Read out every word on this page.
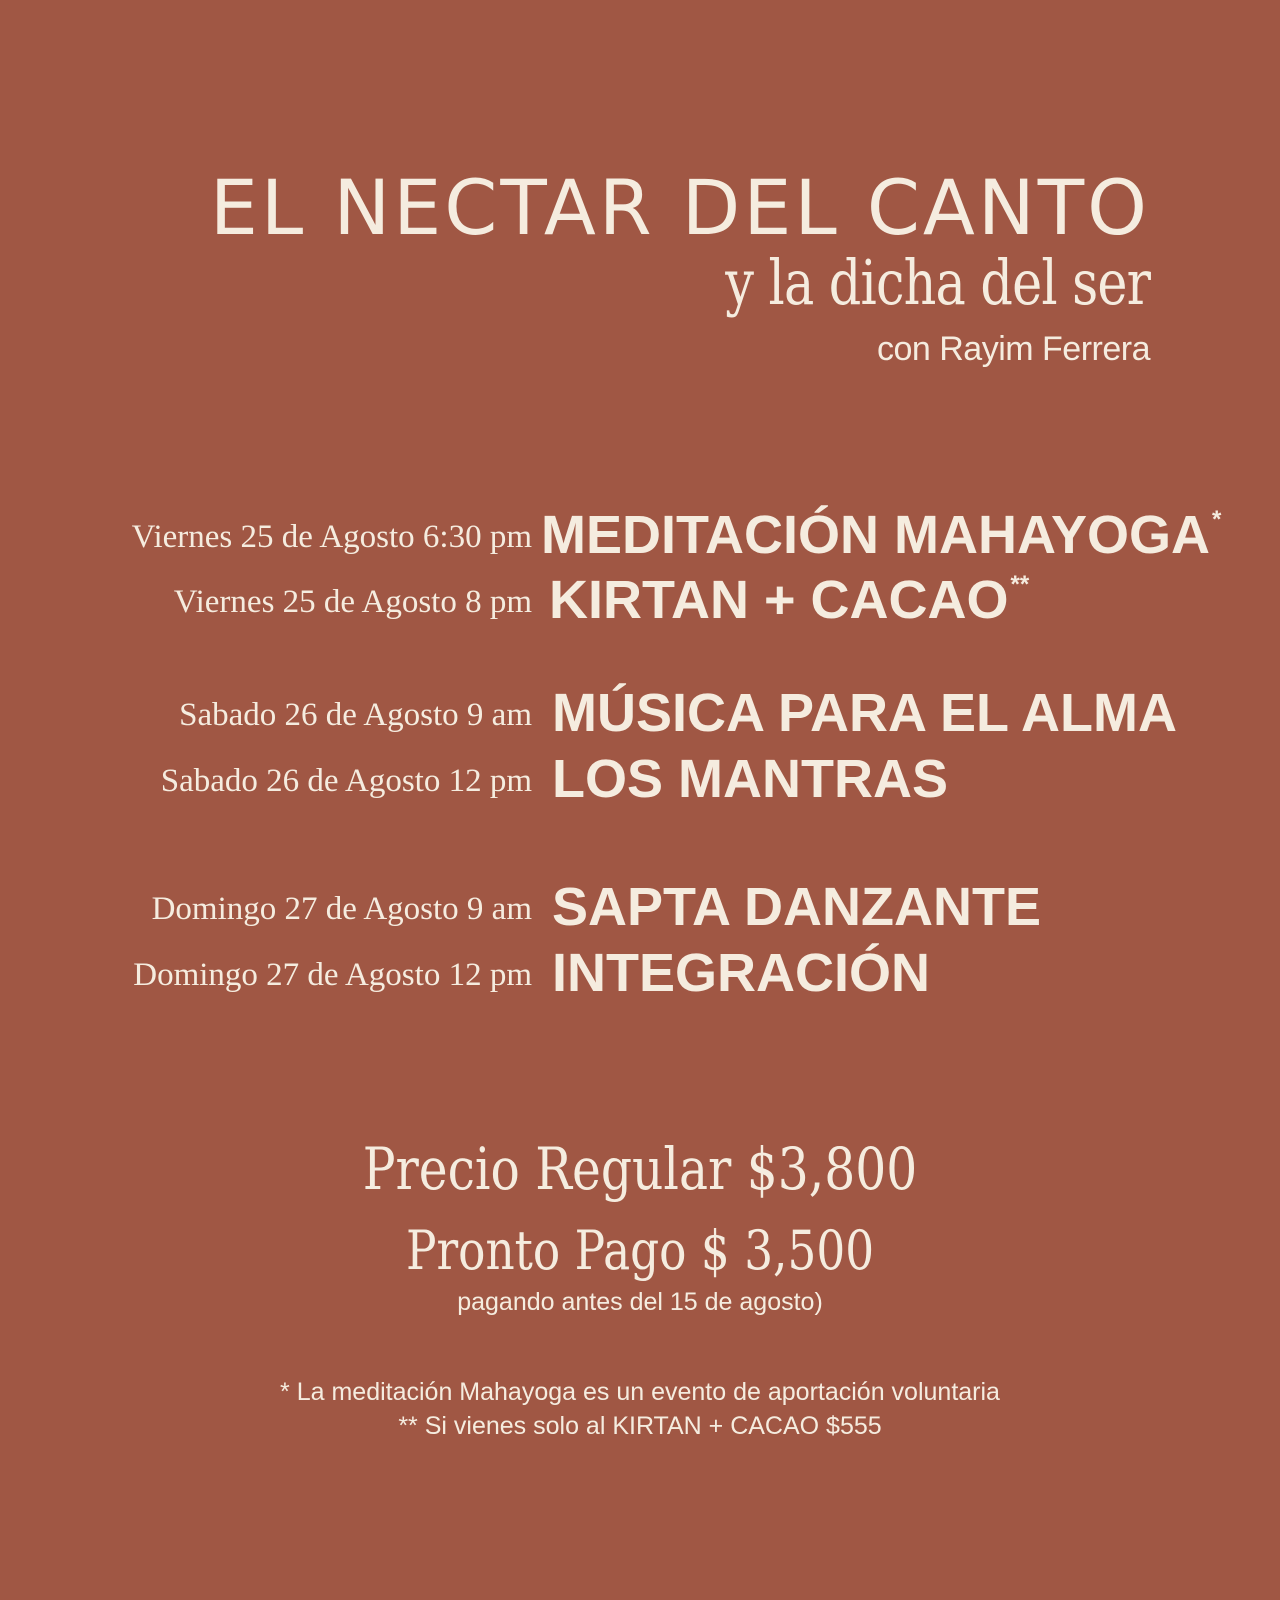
EL NECTAR DEL CANTO
y la dicha del ser
con Rayim Ferrera
Viernes 25 de Agosto 6:30 pm MEDITACIÓN MAHAYOGA*
Viernes 25 de Agosto 8 pm KIRTAN + CACAO**
Sabado 26 de Agosto 9 am MÚSICA PARA EL ALMA
Sabado 26 de Agosto 12 pm LOS MANTRAS
Domingo 27 de Agosto 9 am SAPTA DANZANTE
Domingo 27 de Agosto 12 pm INTEGRACIÓN
Precio Regular $3,800
Pronto Pago $ 3,500
pagando antes del 15 de agosto)
* La meditación Mahayoga es un evento de aportación voluntaria
** Si vienes solo al KIRTAN + CACAO $555
